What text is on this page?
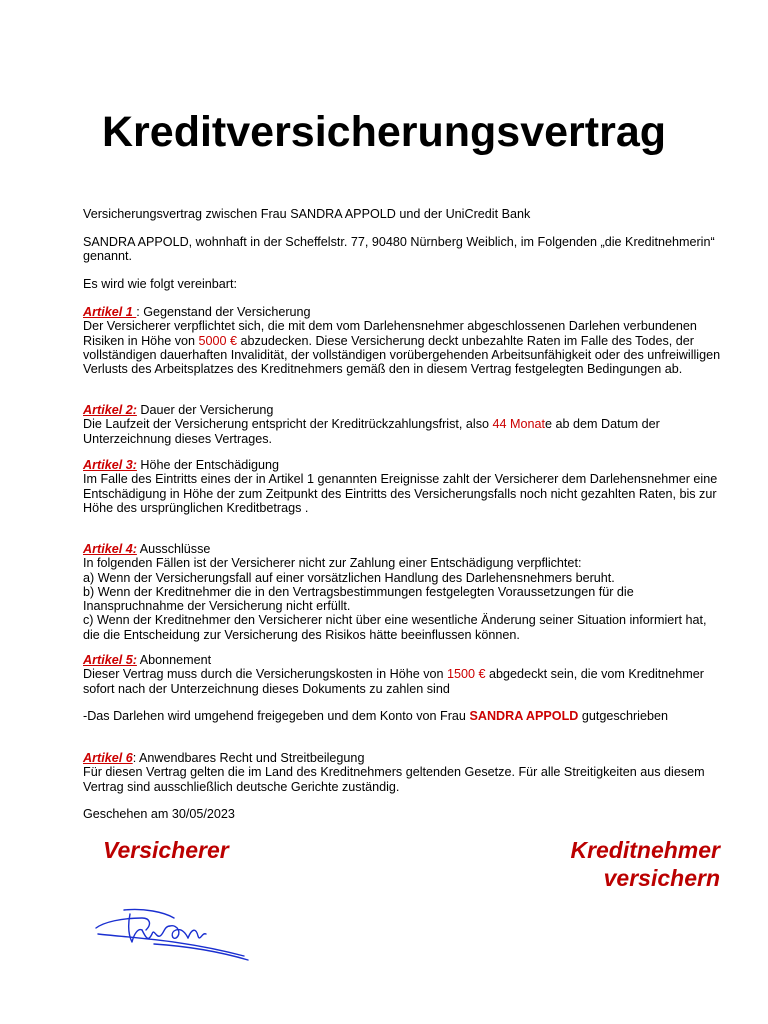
Kreditversicherungsvertrag

Versicherungsvertrag zwischen Frau SANDRA APPOLD und der UniCredit Bank

SANDRA APPOLD, wohnhaft in der Scheffelstr. 77, 90480 Nürnberg Weiblich, im Folgenden „die Kreditnehmerin“ genannt.

Es wird wie folgt vereinbart:

Artikel 1 : Gegenstand der Versicherung
Der Versicherer verpflichtet sich, die mit dem vom Darlehensnehmer abgeschlossenen Darlehen verbundenen Risiken in Höhe von 5000 € abzudecken. Diese Versicherung deckt unbezahlte Raten im Falle des Todes, der vollständigen dauerhaften Invalidität, der vollständigen vorübergehenden Arbeitsunfähigkeit oder des unfreiwilligen Verlusts des Arbeitsplatzes des Kreditnehmers gemäß den in diesem Vertrag festgelegten Bedingungen ab.

Artikel 2: Dauer der Versicherung
Die Laufzeit der Versicherung entspricht der Kreditrückzahlungsfrist, also 44 Monate ab dem Datum der Unterzeichnung dieses Vertrages.

Artikel 3: Höhe der Entschädigung
Im Falle des Eintritts eines der in Artikel 1 genannten Ereignisse zahlt der Versicherer dem Darlehensnehmer eine Entschädigung in Höhe der zum Zeitpunkt des Eintritts des Versicherungsfalls noch nicht gezahlten Raten, bis zur Höhe des ursprünglichen Kreditbetrags .

Artikel 4: Ausschlüsse
In folgenden Fällen ist der Versicherer nicht zur Zahlung einer Entschädigung verpflichtet:
a) Wenn der Versicherungsfall auf einer vorsätzlichen Handlung des Darlehensnehmers beruht.
b) Wenn der Kreditnehmer die in den Vertragsbestimmungen festgelegten Voraussetzungen für die Inanspruchnahme der Versicherung nicht erfüllt.
c) Wenn der Kreditnehmer den Versicherer nicht über eine wesentliche Änderung seiner Situation informiert hat, die die Entscheidung zur Versicherung des Risikos hätte beeinflussen können.

Artikel 5: Abonnement
Dieser Vertrag muss durch die Versicherungskosten in Höhe von 1500 € abgedeckt sein, die vom Kreditnehmer sofort nach der Unterzeichnung dieses Dokuments zu zahlen sind

-Das Darlehen wird umgehend freigegeben und dem Konto von Frau SANDRA APPOLD gutgeschrieben

Artikel 6: Anwendbares Recht und Streitbeilegung
Für diesen Vertrag gelten die im Land des Kreditnehmers geltenden Gesetze. Für alle Streitigkeiten aus diesem Vertrag sind ausschließlich deutsche Gerichte zuständig.

Geschehen am 30/05/2023

Versicherer	Kreditnehmer
versichern
